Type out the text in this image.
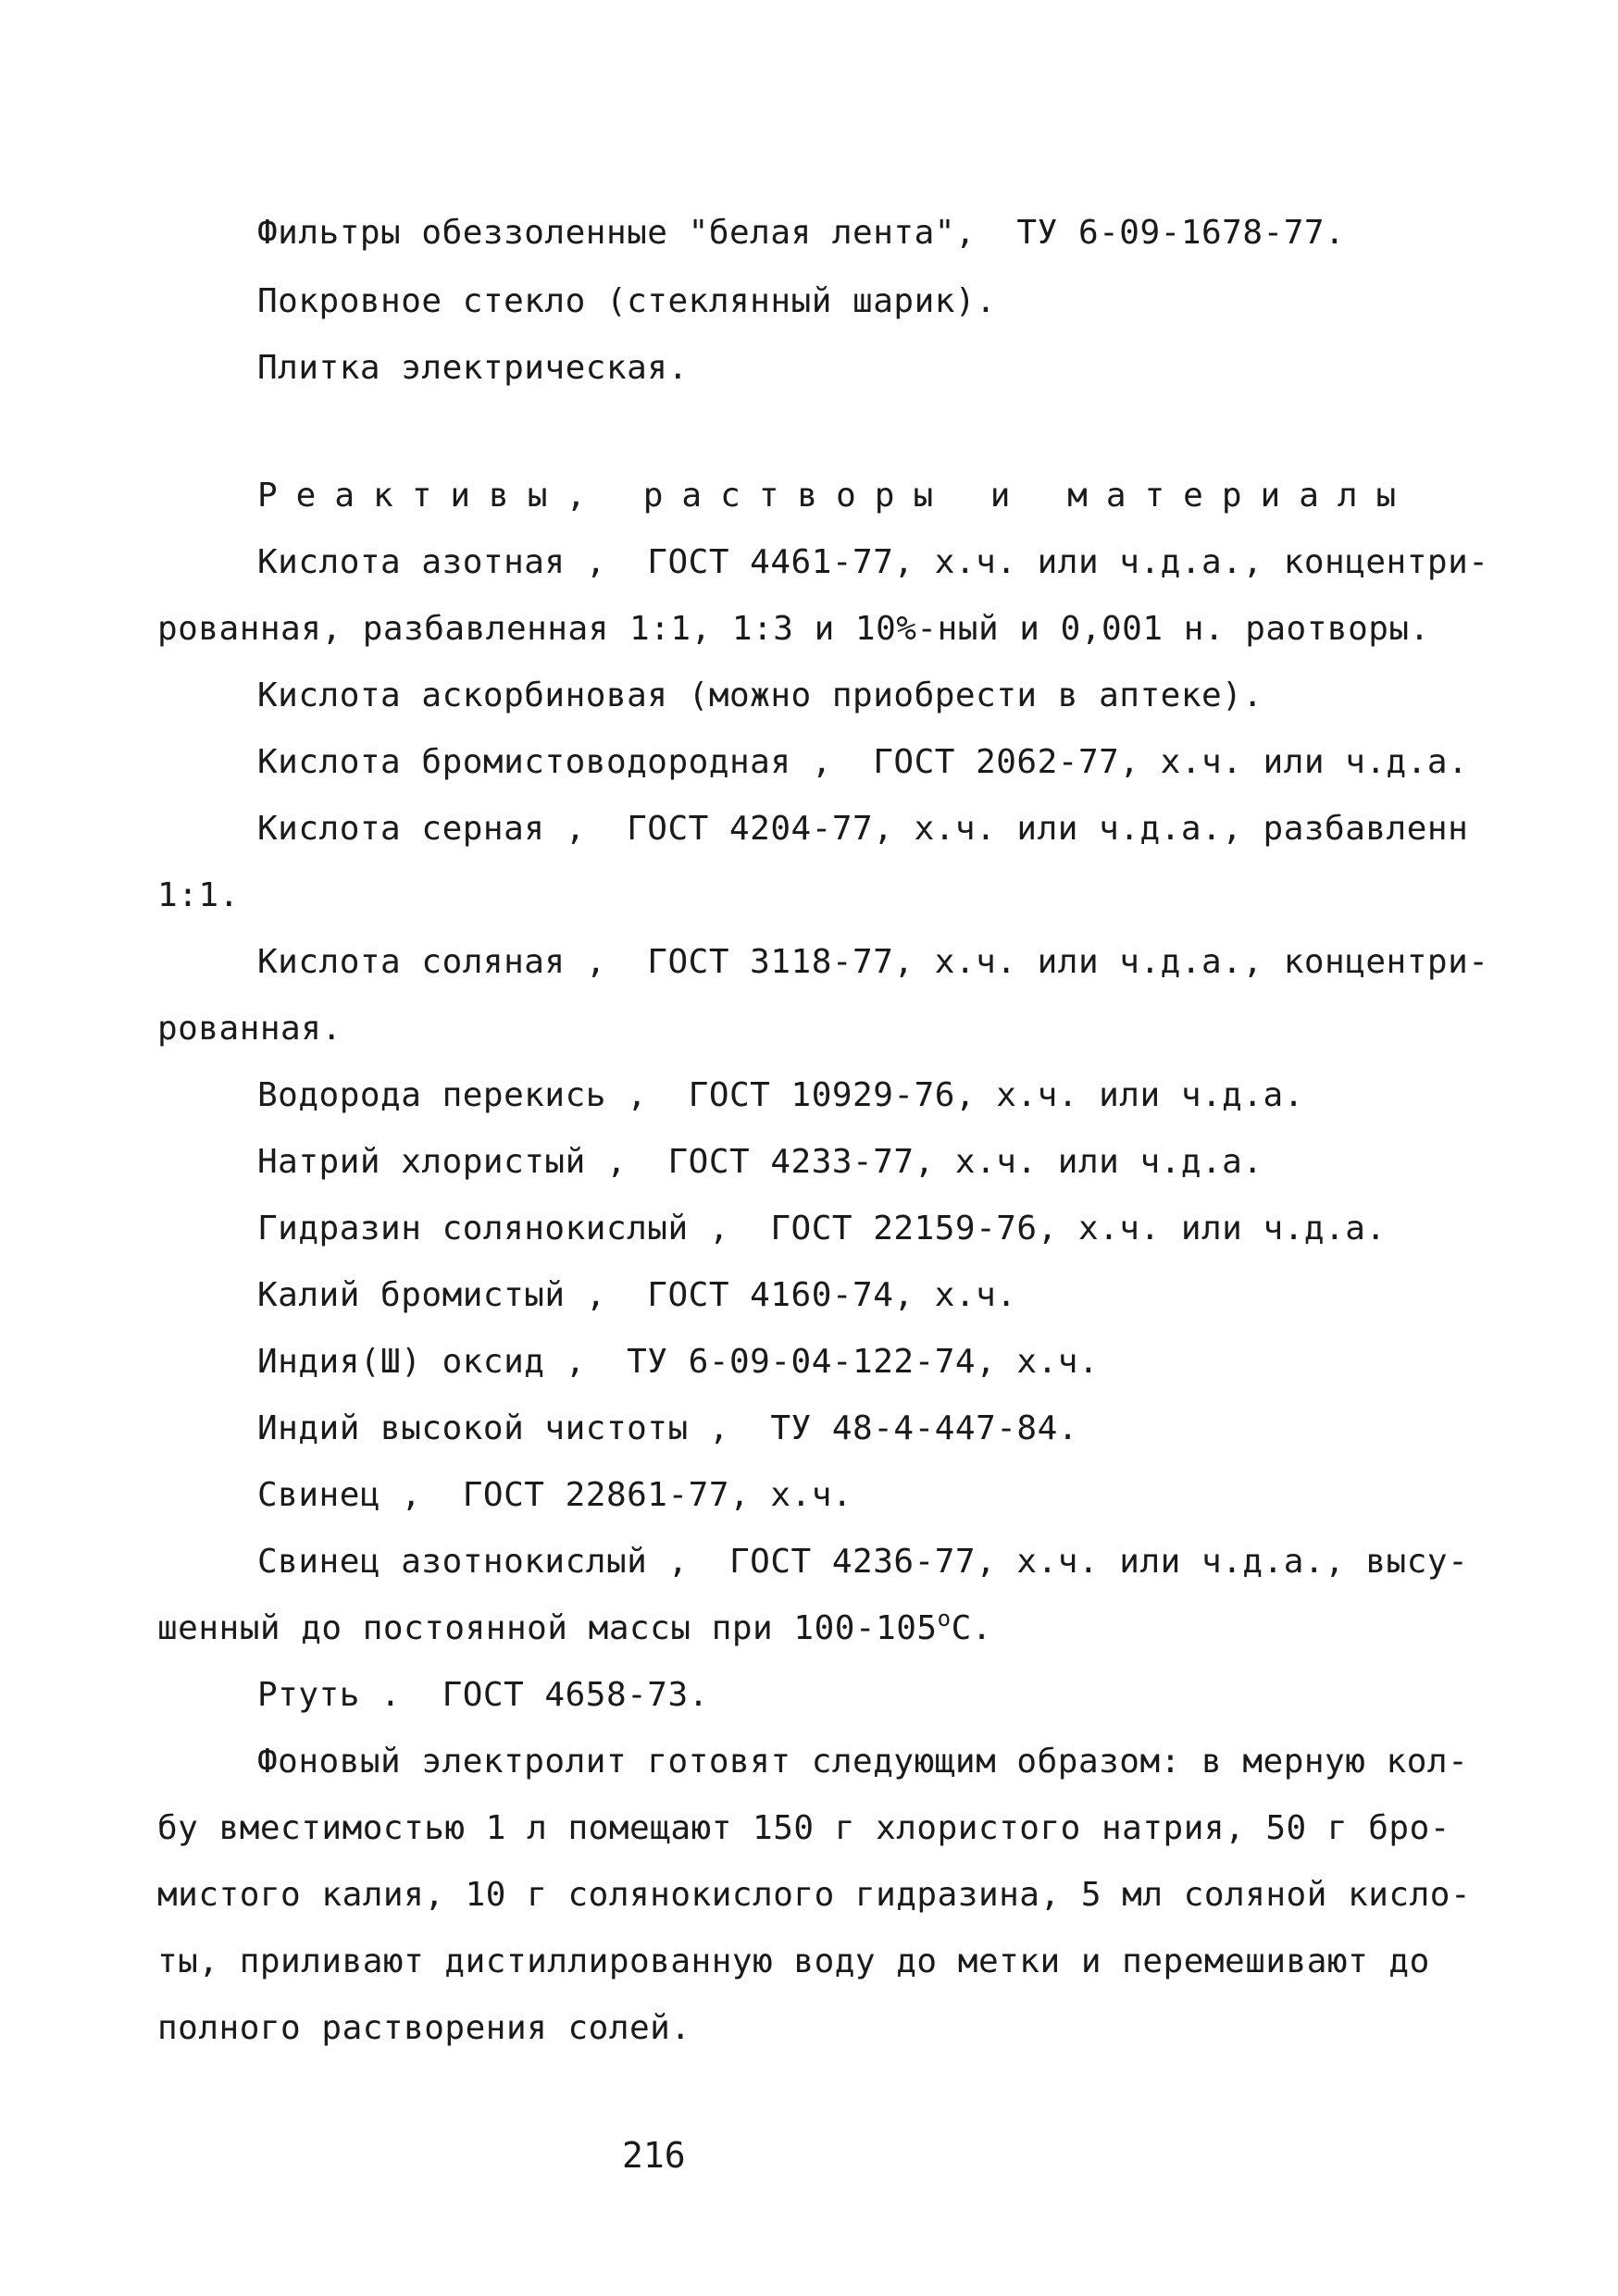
Фильтры обеззоленные "белая лента",  ТУ 6-09-1678-77.
Покровное стекло (стеклянный шарик).
Плитка электрическая.
Реактивы, растворы и материалы
Кислота азотная ,  ГОСТ 4461-77, х.ч. или ч.д.а., концентри-
рованная, разбавленная 1:1, 1:3 и 10%-ный и 0,001 н. раотворы.
Кислота аскорбиновая (можно приобрести в аптеке).
Кислота бромистоводородная ,  ГОСТ 2062-77, х.ч. или ч.д.а.
Кислота серная ,  ГОСТ 4204-77, х.ч. или ч.д.а., разбавленн
1:1.
Кислота соляная ,  ГОСТ 3118-77, х.ч. или ч.д.а., концентри-
рованная.
Водорода перекись ,  ГОСТ 10929-76, х.ч. или ч.д.а.
Натрий хлористый ,  ГОСТ 4233-77, х.ч. или ч.д.а.
Гидразин солянокислый ,  ГОСТ 22159-76, х.ч. или ч.д.а.
Калий бромистый ,  ГОСТ 4160-74, х.ч.
Индия(Ш) оксид ,  ТУ 6-09-04-122-74, х.ч.
Индий высокой чистоты ,  ТУ 48-4-447-84.
Свинец ,  ГОСТ 22861-77, х.ч.
Свинец азотнокислый ,  ГОСТ 4236-77, х.ч. или ч.д.а., высу-
шенный до постоянной массы при $100-105^оС$.
Ртуть .  ГОСТ 4658-73.
Фоновый электролит готовят следующим образом: в мерную кол-
бу вместимостью 1 л помещают 150 г хлористого натрия, 50 г бро-
мистого калия, 10 г солянокислого гидразина, 5 мл соляной кисло-
ты, приливают дистиллированную воду до метки и перемешивают до
полного растворения солей.
216
